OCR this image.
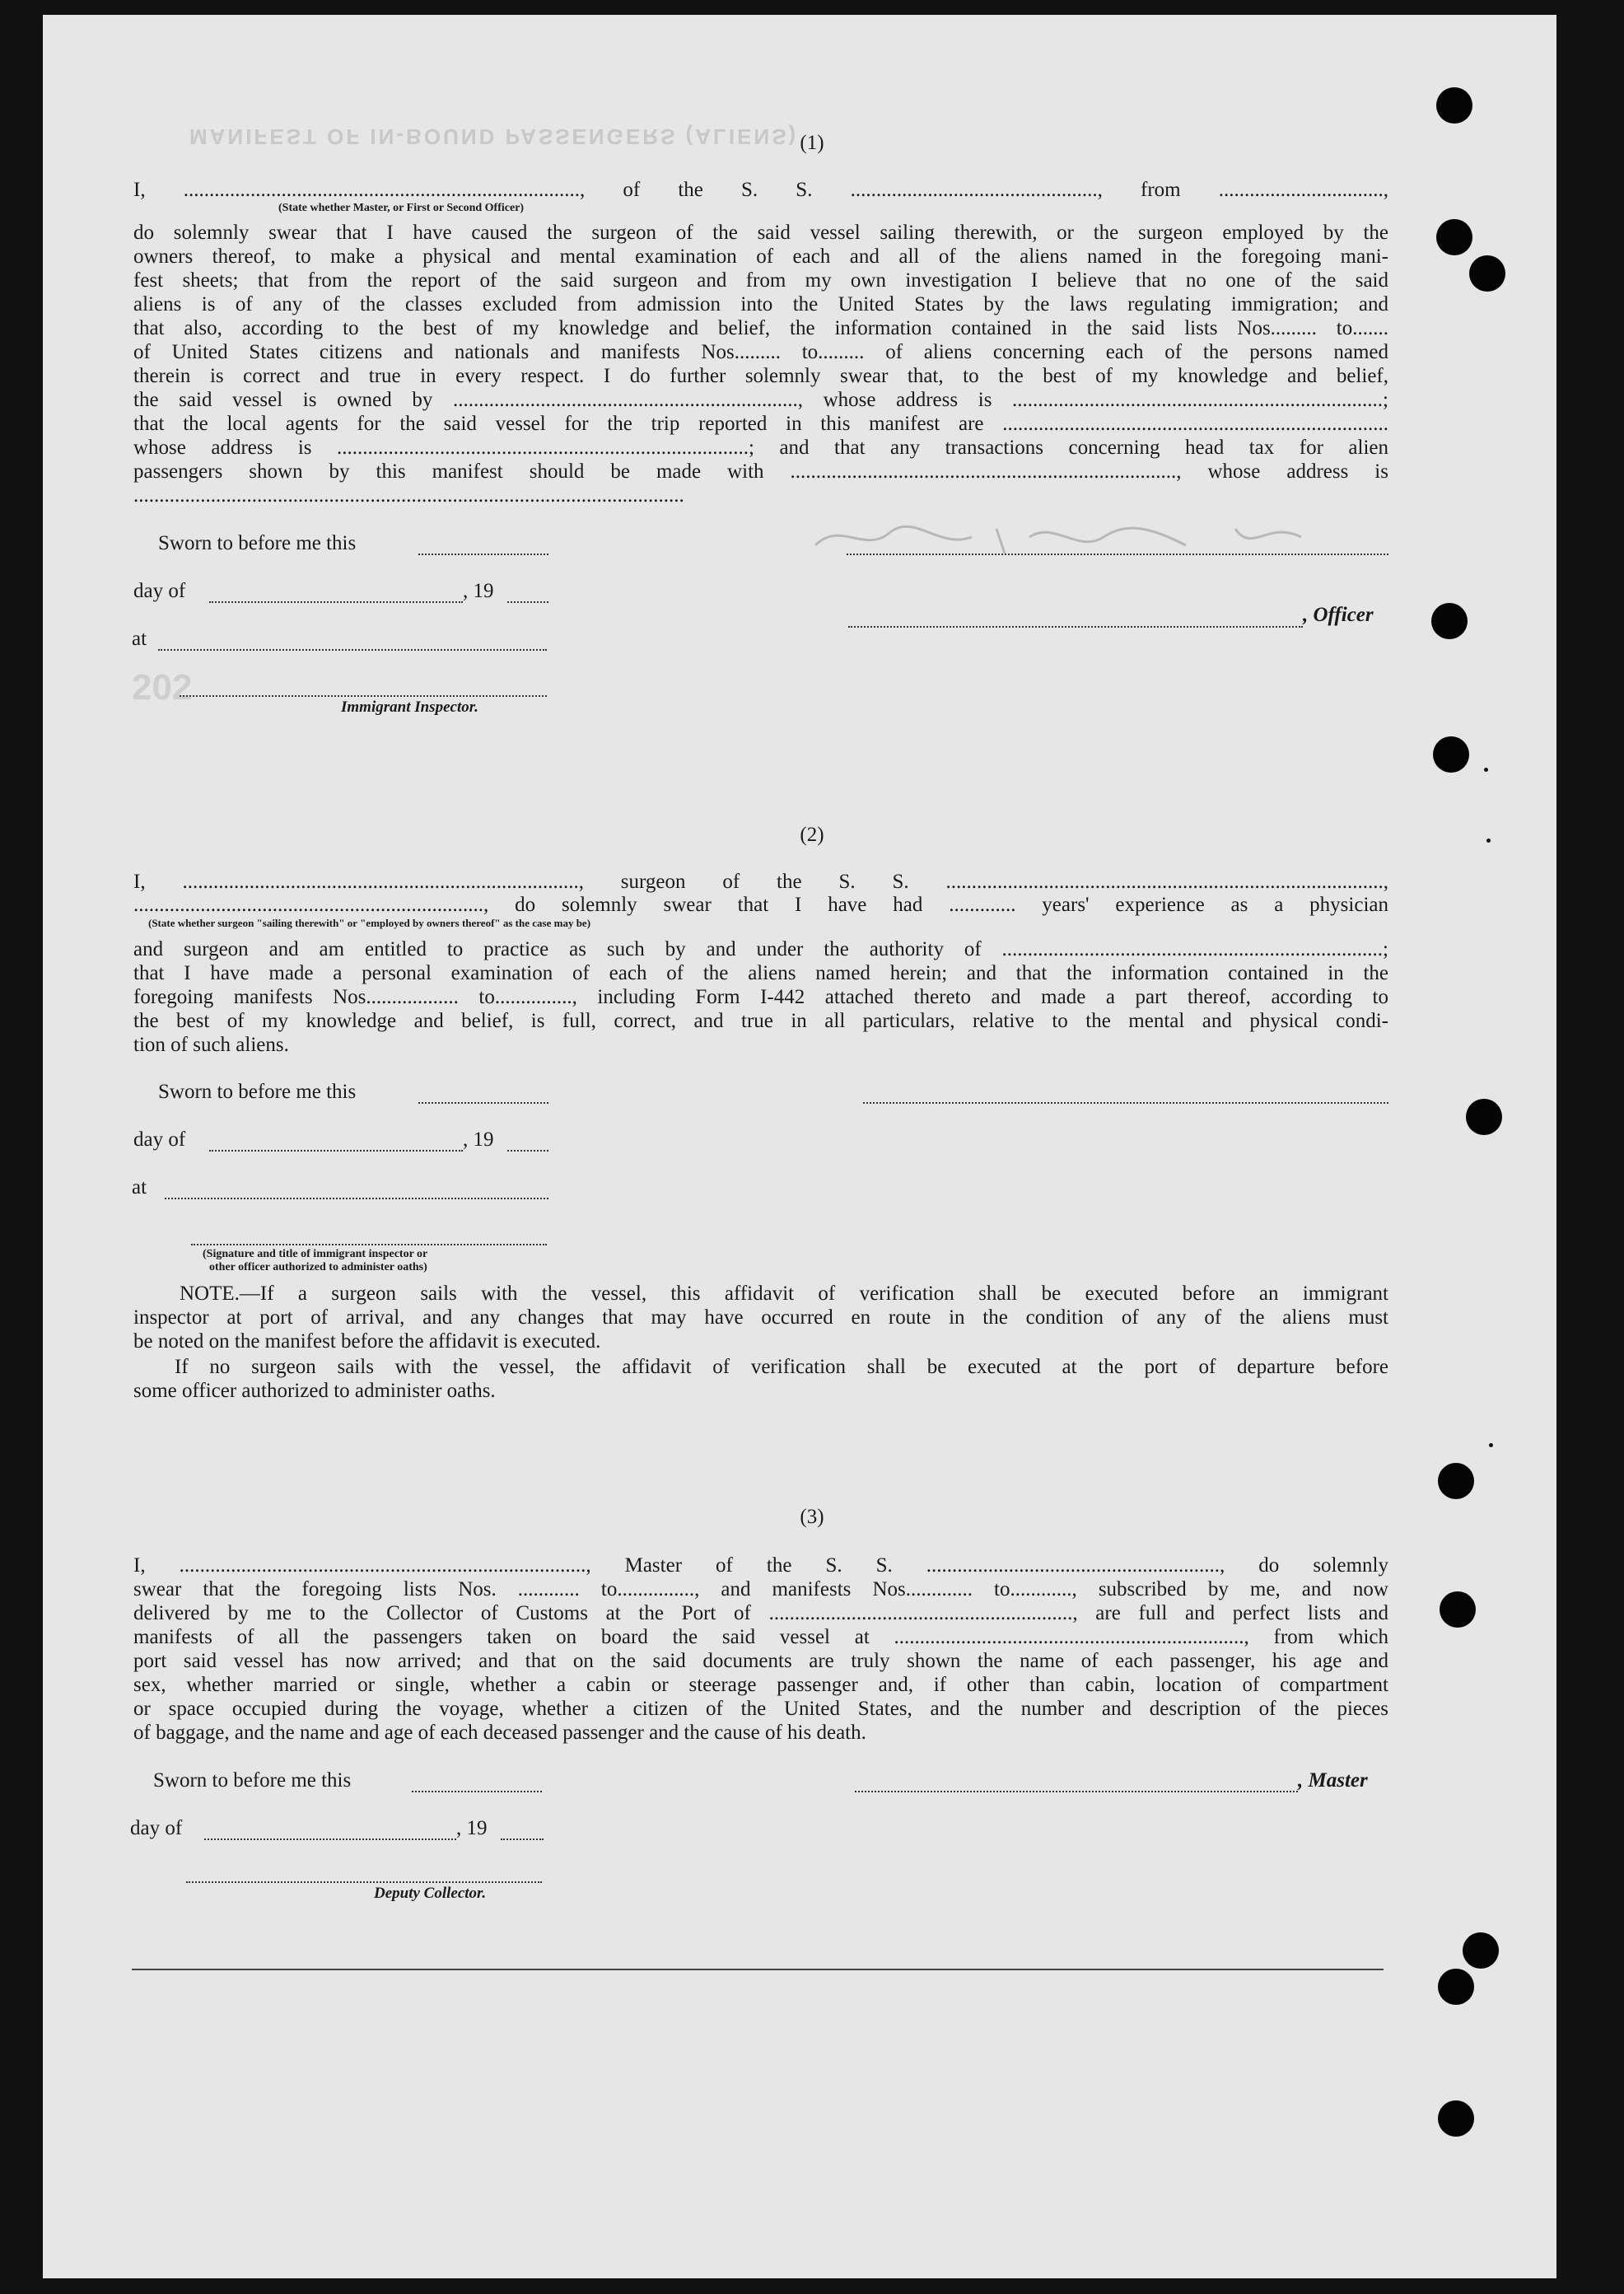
MANIFEST OF IN-BOUND PASSENGERS (ALIENS)
202
(1)
I, ............................................................................., of the S. S. ................................................, from ................................,
(State whether Master, or First or Second Officer)
do solemnly swear that I have caused the surgeon of the said vessel sailing therewith, or the surgeon employed by the
owners thereof, to make a physical and mental examination of each and all of the aliens named in the foregoing mani-
fest sheets; that from the report of the said surgeon and from my own investigation I believe that no one of the said
aliens is of any of the classes excluded from admission into the United States by the laws regulating immigration; and
that also, according to the best of my knowledge and belief, the information contained in the said lists Nos......... to.......
of United States citizens and nationals and manifests Nos......... to......... of aliens concerning each of the persons named
therein is correct and true in every respect. I do further solemnly swear that, to the best of my knowledge and belief,
the said vessel is owned by ..................................................................., whose address is ........................................................................;
that the local agents for the said vessel for the trip reported in this manifest are ...........................................................................
whose address is ................................................................................; and that any transactions concerning head tax for alien
passengers shown by this manifest should be made with ..........................................................................., whose address is
...........................................................................................................
Sworn to before me this
day of	, 19
, Officer
at
Immigrant Inspector.
(2)
I, ............................................................................., surgeon of the S. S. .....................................................................................,
...................................................................., do solemnly swear that I have had ............. years' experience as a physician
(State whether surgeon "sailing therewith" or "employed by owners thereof" as the case may be)
and surgeon and am entitled to practice as such by and under the authority of ..........................................................................;
that I have made a personal examination of each of the aliens named herein; and that the information contained in the
foregoing manifests Nos.................. to..............., including Form I-442 attached thereto and made a part thereof, according to
the best of my knowledge and belief, is full, correct, and true in all particulars, relative to the mental and physical condi-
tion of such aliens.
Sworn to before me this
day of	, 19
at
(Signature and title of immigrant inspector or
other officer authorized to administer oaths)
NOTE.—If a surgeon sails with the vessel, this affidavit of verification shall be executed before an immigrant
inspector at port of arrival, and any changes that may have occurred en route in the condition of any of the aliens must
be noted on the manifest before the affidavit is executed.
If no surgeon sails with the vessel, the affidavit of verification shall be executed at the port of departure before
some officer authorized to administer oaths.
(3)
I, ..............................................................................., Master of the S. S. ........................................................., do solemnly
swear that the foregoing lists Nos. ............ to..............., and manifests Nos............. to............, subscribed by me, and now
delivered by me to the Collector of Customs at the Port of ..........................................................., are full and perfect lists and
manifests of all the passengers taken on board the said vessel at ...................................................................., from which
port said vessel has now arrived; and that on the said documents are truly shown the name of each passenger, his age and
sex, whether married or single, whether a cabin or steerage passenger and, if other than cabin, location of compartment
or space occupied during the voyage, whether a citizen of the United States, and the number and description of the pieces
of baggage, and the name and age of each deceased passenger and the cause of his death.
Sworn to before me this	, Master
day of	, 19
Deputy Collector.
